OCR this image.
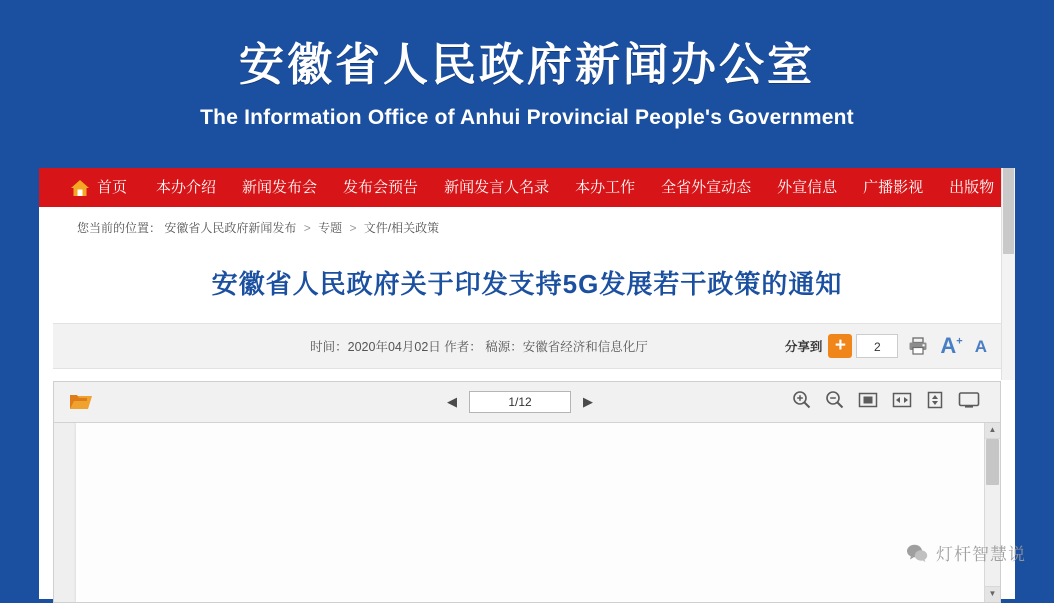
安徽省人民政府新闻办公室
The Information Office of Anhui Provincial People's Government
首页	本办介绍	新闻发布会	发布会预告	新闻发言人名录	本办工作	全省外宣动态	外宣信息	广播影视	出版物
您当前的位置： 安徽省人民政府新闻发布 > 专题 > 文件/相关政策
安徽省人民政府关于印发支持5G发展若干政策的通知
时间：2020年04月02日 作者： 稿源：安徽省经济和信息化厅	分享到 +	2	A+ A
◀
1/12	▶
▲
▼
灯杆智慧说
